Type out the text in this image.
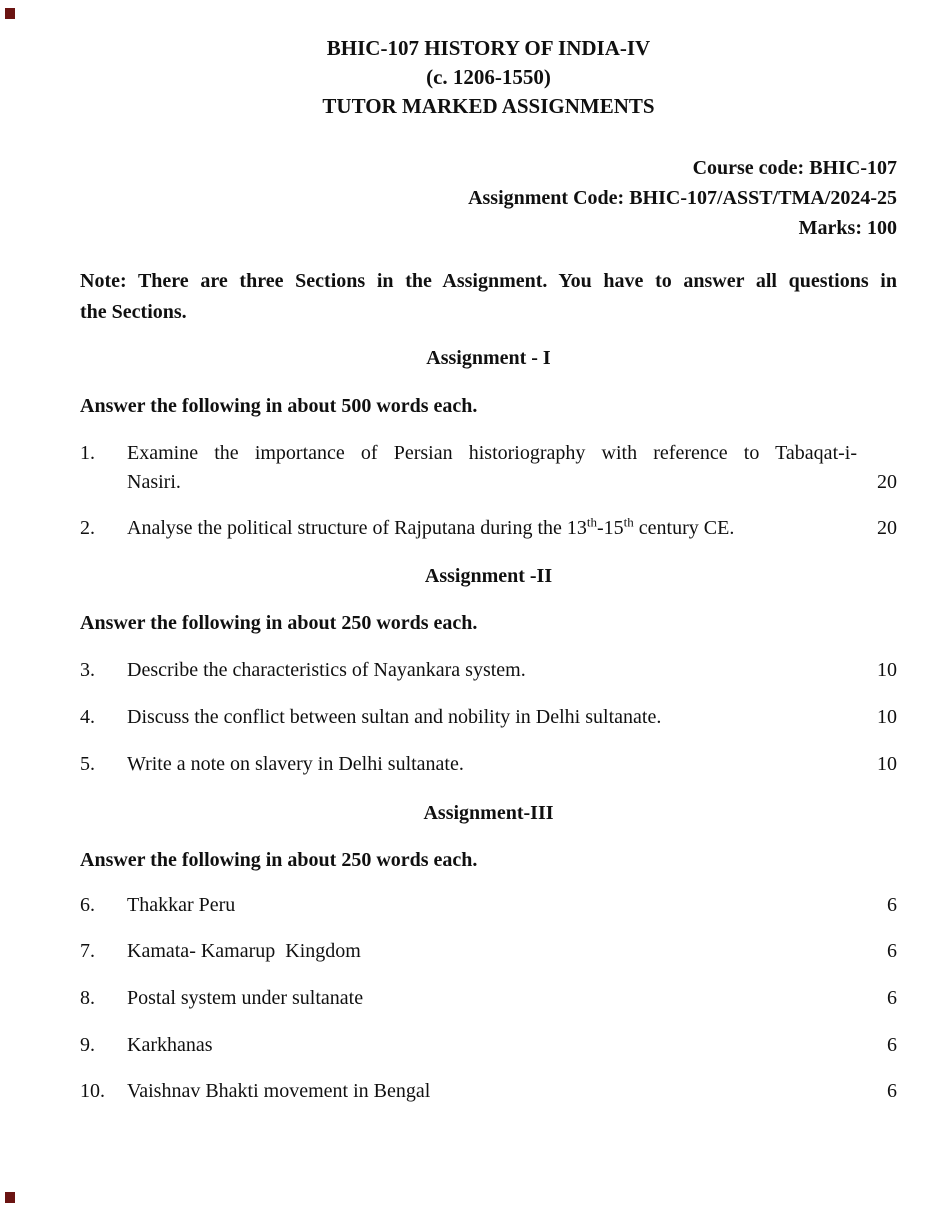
BHIC-107 HISTORY OF INDIA-IV
(c. 1206-1550)
TUTOR MARKED ASSIGNMENTS
Course code: BHIC-107
Assignment Code: BHIC-107/ASST/TMA/2024-25
Marks: 100
Note: There are three Sections in the Assignment. You have to answer all questions in
the Sections.
Assignment - I
Answer the following in about 500 words each.
1.	Examine the importance of Persian historiography with reference to Tabaqat-i-
Nasiri.	20
2.	Analyse the political structure of Rajputana during the 13th-15th century CE.	20
Assignment -II
Answer the following in about 250 words each.
3.	Describe the characteristics of Nayankara system.	10
4.	Discuss the conflict between sultan and nobility in Delhi sultanate.	10
5.	Write a note on slavery in Delhi sultanate.	10
Assignment-III
Answer the following in about 250 words each.
6.	Thakkar Peru	6
7.	Kamata- Kamarup  Kingdom	6
8.	Postal system under sultanate	6
9.	Karkhanas	6
10.	Vaishnav Bhakti movement in Bengal	6
